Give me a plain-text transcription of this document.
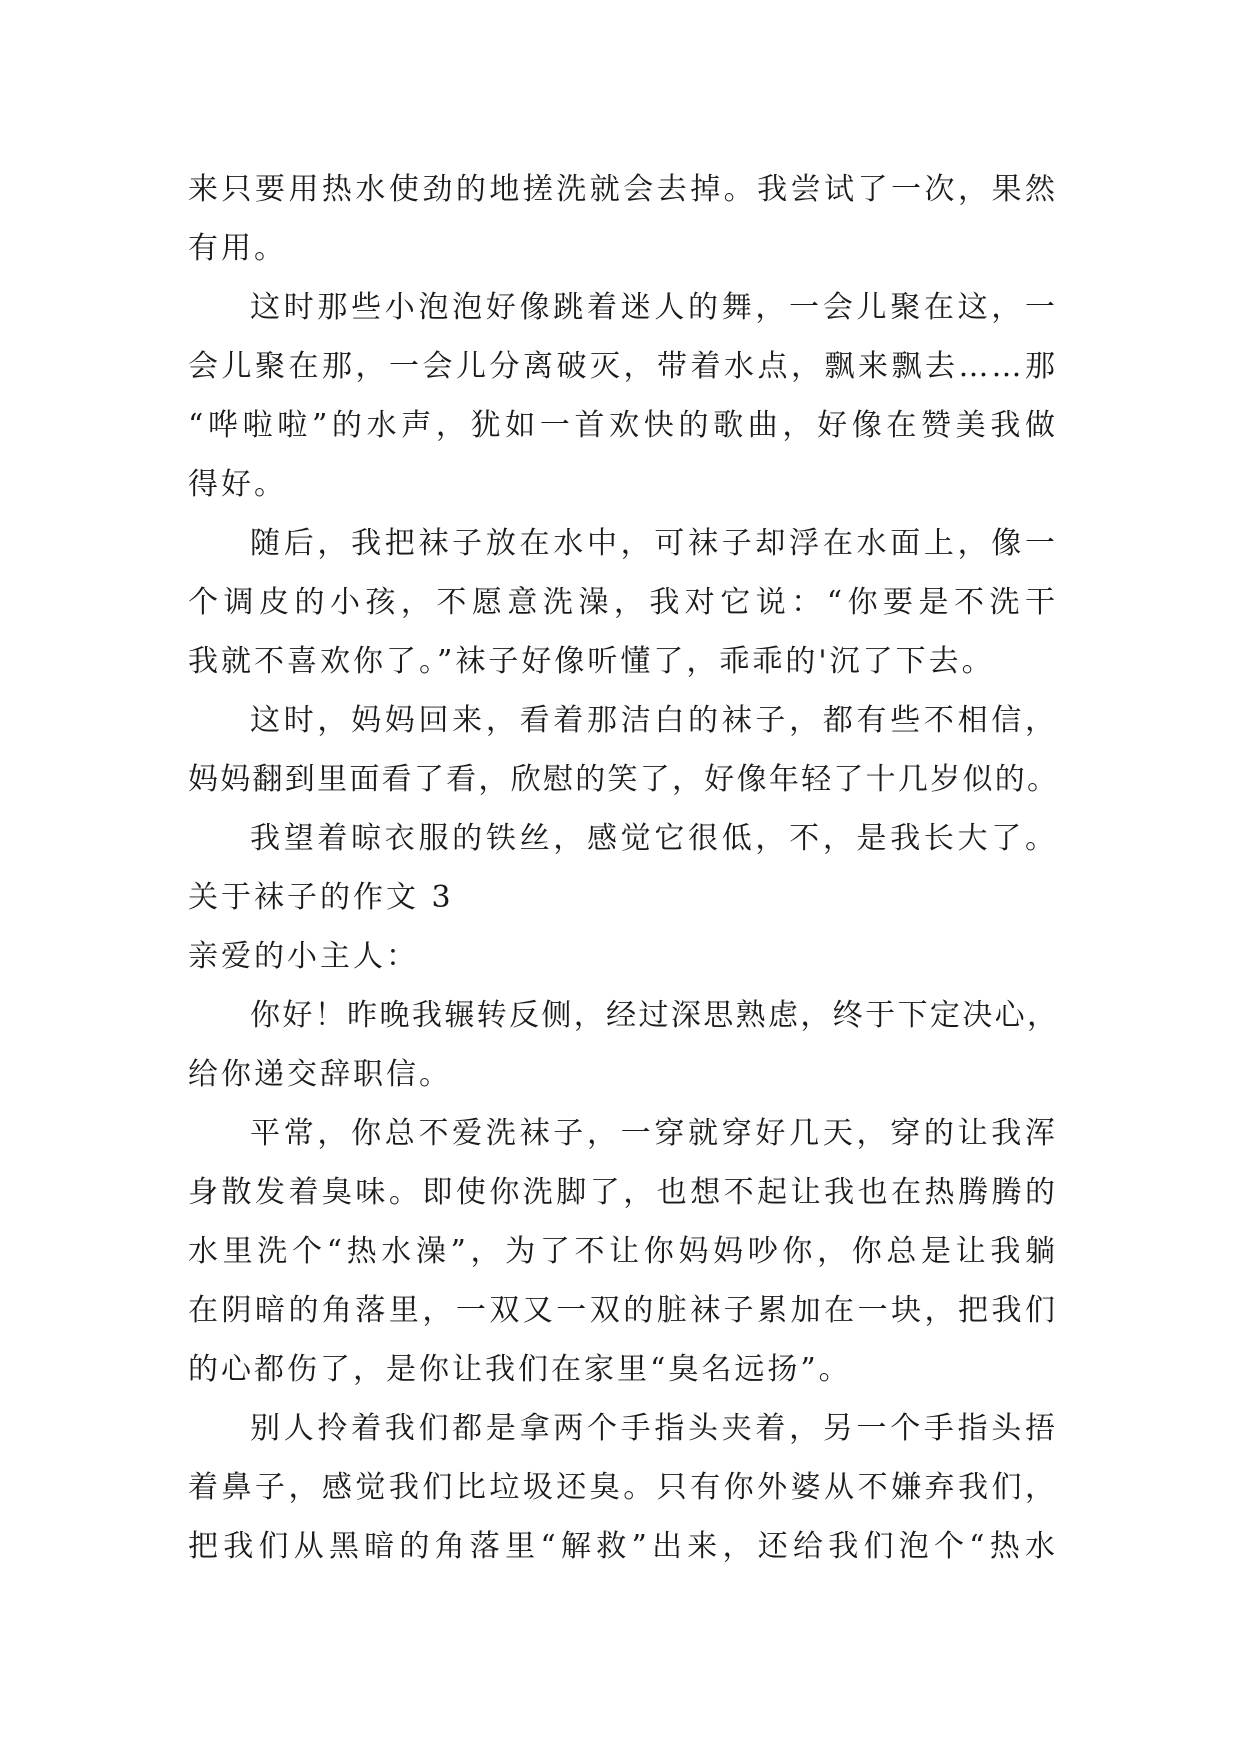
来只要用热水使劲的地搓洗就会去掉。我尝试了一次，果然
有用。
这时那些小泡泡好像跳着迷人的舞，一会儿聚在这，一
会儿聚在那，一会儿分离破灭，带着水点，飘来飘去……那
“哗啦啦”的水声，犹如一首欢快的歌曲，好像在赞美我做
得好。
随后，我把袜子放在水中，可袜子却浮在水面上，像一
个调皮的小孩，不愿意洗澡，我对它说：“你要是不洗干
我就不喜欢你了。”袜子好像听懂了，乖乖的'沉了下去。
这时，妈妈回来，看着那洁白的袜子，都有些不相信，
妈妈翻到里面看了看，欣慰的笑了，好像年轻了十几岁似的。
我望着晾衣服的铁丝，感觉它很低，不，是我长大了。
关于袜子的作文 3
亲爱的小主人：
你好！昨晚我辗转反侧，经过深思熟虑，终于下定决心，
给你递交辞职信。
平常，你总不爱洗袜子，一穿就穿好几天，穿的让我浑
身散发着臭味。即使你洗脚了，也想不起让我也在热腾腾的
水里洗个“热水澡”，为了不让你妈妈吵你，你总是让我躺
在阴暗的角落里，一双又一双的脏袜子累加在一块，把我们
的心都伤了，是你让我们在家里“臭名远扬”。
别人拎着我们都是拿两个手指头夹着，另一个手指头捂
着鼻子，感觉我们比垃圾还臭。只有你外婆从不嫌弃我们，
把我们从黑暗的角落里“解救”出来，还给我们泡个“热水
